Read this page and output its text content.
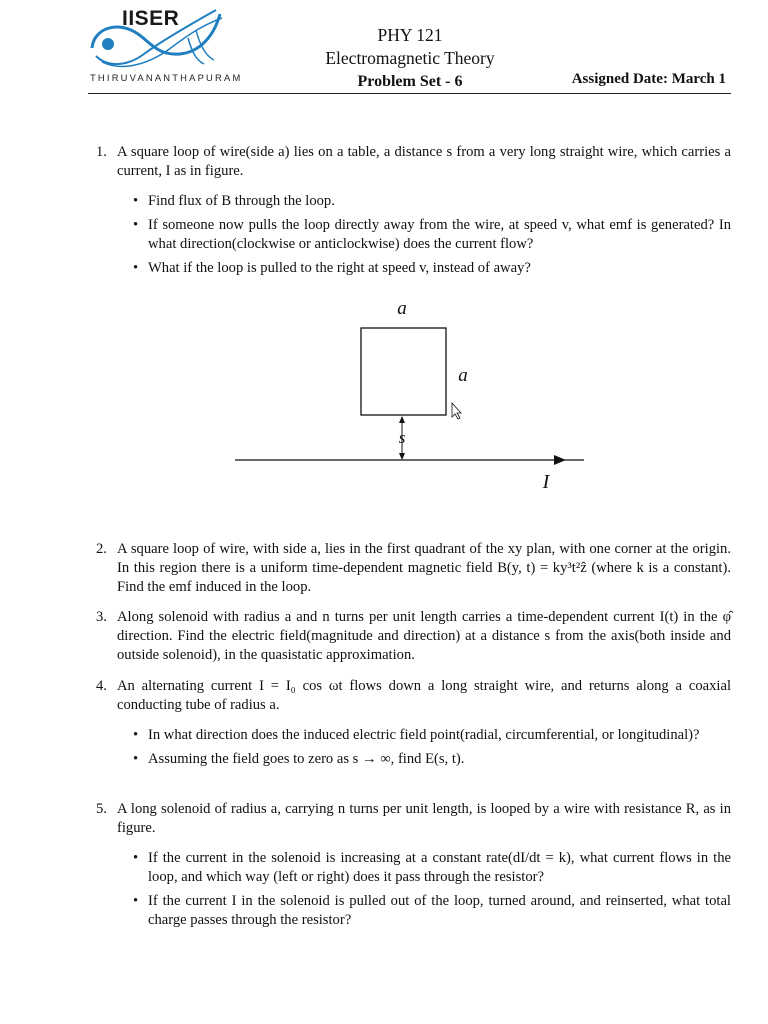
IISER
THIRUVANANTHAPURAM
PHY 121
Electromagnetic Theory
Problem Set - 6	Assigned Date: March 1
1. A square loop of wire(side a) lies on a table, a distance s from a very long straight wire, which carries a current, I as in figure.
• Find flux of B through the loop.
• If someone now pulls the loop directly away from the wire, at speed v, what emf is generated? In what direction(clockwise or anticlockwise) does the current flow?
• What if the loop is pulled to the right at speed v, instead of away?
a
a
s
I
2. A square loop of wire, with side a, lies in the first quadrant of the xy plan, with one corner at the origin. In this region there is a uniform time-dependent magnetic field B(y, t) = ky³t²ẑ (where k is a constant). Find the emf induced in the loop.
3. Along solenoid with radius a and n turns per unit length carries a time-dependent current I(t) in the φ̂ direction. Find the electric field(magnitude and direction) at a distance s from the axis(both inside and outside solenoid), in the quasistatic approximation.
4. An alternating current I = I₀ cos ωt flows down a long straight wire, and returns along a coaxial conducting tube of radius a.
• In what direction does the induced electric field point(radial, circumferential, or longitudinal)?
• Assuming the field goes to zero as s → ∞, find E(s, t).
5. A long solenoid of radius a, carrying n turns per unit length, is looped by a wire with resistance R, as in figure.
• If the current in the solenoid is increasing at a constant rate(dI/dt = k), what current flows in the loop, and which way (left or right) does it pass through the resistor?
• If the current I in the solenoid is pulled out of the loop, turned around, and reinserted, what total charge passes through the resistor?
